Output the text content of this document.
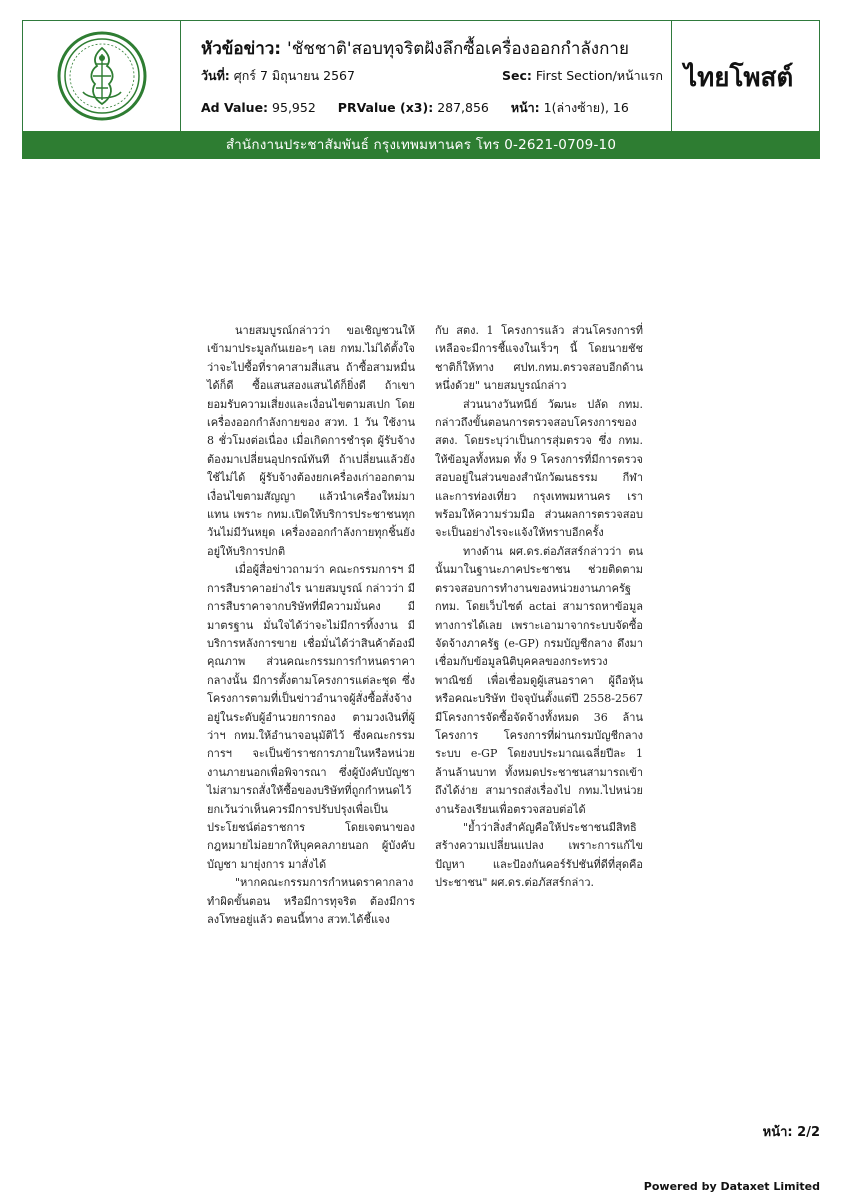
หัวข้อข่าว: 'ชัชชาติ'สอบทุจริตฝังลึกซื้อเครื่องออกกำลังกาย
วันที่: ศุกร์ 7 มิถุนายน 2567	Sec: First Section/หน้าแรก
Ad Value: 95,952 PRValue (x3): 287,856 หน้า: 1(ล่างซ้าย), 16
ไทยโพสต์
สำนักงานประชาสัมพันธ์ กรุงเทพมหานคร โทร 0-2621-0709-10

นายสมบูรณ์กล่าวว่า ขอเชิญชวนให้เข้ามาประมูลกันเยอะๆ เลย กทม.ไม่ได้ตั้งใจว่าจะไปซื้อที่ราคาสามสี่แสน ถ้าซื้อสามหมื่นได้ก็ดี ซื้อแสนสองแสนได้ก็ยิ่งดี ถ้าเขายอมรับความเสี่ยงและเงื่อนไขตามสเปก โดยเครื่องออกกำลังกายของ สวท. 1 วัน ใช้งาน 8 ชั่วโมงต่อเนื่อง เมื่อเกิดการชำรุด ผู้รับจ้างต้องมาเปลี่ยนอุปกรณ์ทันที ถ้าเปลี่ยนแล้วยังใช้ไม่ได้ ผู้รับจ้างต้องยกเครื่องเก่าออกตามเงื่อนไขตามสัญญา แล้วนำเครื่องใหม่มาแทน เพราะ กทม.เปิดให้บริการประชาชนทุกวันไม่มีวันหยุด เครื่องออกกำลังกายทุกชิ้นยังอยู่ให้บริการปกติ

เมื่อผู้สื่อข่าวถามว่า คณะกรรมการฯ มีการสืบราคาอย่างไร นายสมบูรณ์ กล่าวว่า มีการสืบราคาจากบริษัทที่มีความมั่นคง มีมาตรฐาน มั่นใจได้ว่าจะไม่มีการทิ้งงาน มีบริการหลังการขาย เชื่อมั่นได้ว่าสินค้าต้องมีคุณภาพ ส่วนคณะกรรมการกำหนดราคากลางนั้น มีการตั้งตามโครงการแต่ละชุด ซึ่งโครงการตามที่เป็นข่าวอำนาจผู้สั่งซื้อสั่งจ้าง อยู่ในระดับผู้อำนวยการกอง ตามวงเงินที่ผู้ว่าฯ กทม.ให้อำนาจอนุมัติไว้ ซึ่งคณะกรรมการฯ จะเป็นข้าราชการภายในหรือหน่วยงานภายนอกเพื่อพิจารณา ซึ่งผู้บังคับบัญชาไม่สามารถสั่งให้ซื้อของบริษัทที่ถูกกำหนดไว้ ยกเว้นว่าเห็นควรมีการปรับปรุงเพื่อเป็นประโยชน์ต่อราชการ โดยเจตนาของกฎหมายไม่อยากให้บุคคลภายนอก ผู้บังคับบัญชา มายุ่งการ มาสั่งได้

"หากคณะกรรมการกำหนดราคากลางทำผิดขั้นตอน หรือมีการทุจริต ต้องมีการลงโทษอยู่แล้ว ตอนนี้ทาง สวท.ได้ชี้แจง

กับ สตง. 1 โครงการแล้ว ส่วนโครงการที่เหลือจะมีการชี้แจงในเร็วๆ นี้ โดยนายชัชชาติก็ให้ทาง ศปท.กทม.ตรวจสอบอีกด้านหนึ่งด้วย" นายสมบูรณ์กล่าว

ส่วนนางวันทนีย์ วัฒนะ ปลัด กทม. กล่าวถึงขั้นตอนการตรวจสอบโครงการของ สตง. โดยระบุว่าเป็นการสุ่มตรวจ ซึ่ง กทม. ให้ข้อมูลทั้งหมด ทั้ง 9 โครงการที่มีการตรวจสอบอยู่ในส่วนของสำนักวัฒนธรรม กีฬา และการท่องเที่ยว กรุงเทพมหานคร เราพร้อมให้ความร่วมมือ ส่วนผลการตรวจสอบจะเป็นอย่างไรจะแจ้งให้ทราบอีกครั้ง

ทางด้าน ผศ.ดร.ต่อภัสสร์กล่าวว่า ตนนั้นมาในฐานะภาคประชาชน ช่วยติดตามตรวจสอบการทำงานของหน่วยงานภาครัฐ กทม. โดยเว็บไซต์ actai สามารถหาข้อมูลทางการได้เลย เพราะเอามาจากระบบจัดซื้อจัดจ้างภาครัฐ (e-GP) กรมบัญชีกลาง ดึงมาเชื่อมกับข้อมูลนิติบุคคลของกระทรวงพาณิชย์ เพื่อเชื่อมดูผู้เสนอราคา ผู้ถือหุ้น หรือคณะบริษัท ปัจจุบันตั้งแต่ปี 2558-2567 มีโครงการจัดซื้อจัดจ้างทั้งหมด 36 ล้านโครงการ โครงการที่ผ่านกรมบัญชีกลาง ระบบ e-GP โดยงบประมาณเฉลี่ยปีละ 1 ล้านล้านบาท ทั้งหมดประชาชนสามารถเข้าถึงได้ง่าย สามารถส่งเรื่องไป กทม.ไปหน่วยงานร้องเรียนเพื่อตรวจสอบต่อได้

"ย้ำว่าสิ่งสำคัญคือให้ประชาชนมีสิทธิสร้างความเปลี่ยนแปลง เพราะการแก้ไขปัญหา และป้องกันคอร์รัปชันที่ดีที่สุดคือประชาชน" ผศ.ดร.ต่อภัสสร์กล่าว.

หน้า: 2/2
Powered by Dataxet Limited
